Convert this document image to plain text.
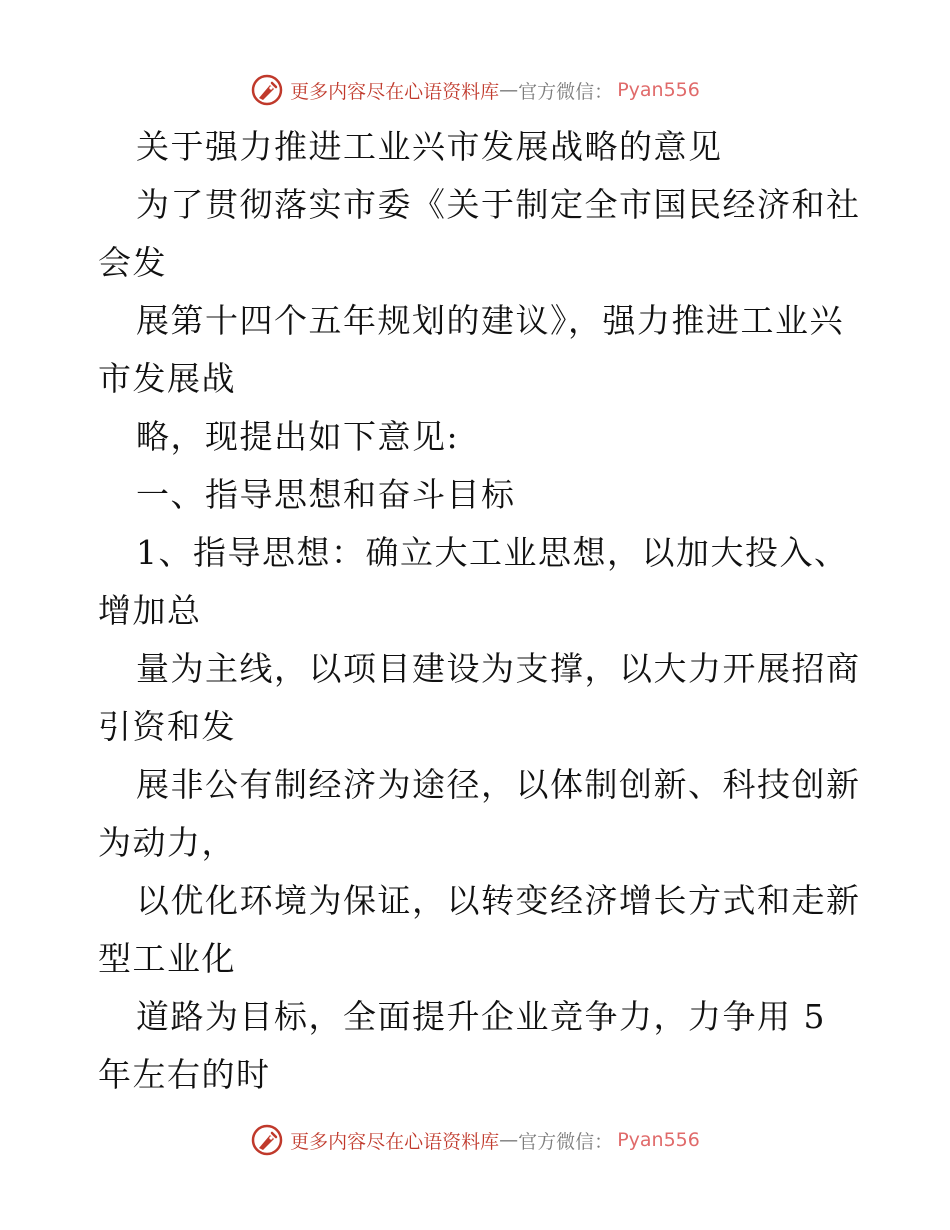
更多内容尽在心语资料库 — 官方微信： Pyan556
关于强力推进工业兴市发展战略的意见
为了贯彻落实市委《关于制定全市国民经济和社
会发
展第十四个五年规划的建议》，强力推进工业兴
市发展战
略，现提出如下意见:
一、指导思想和奋斗目标
1、指导思想：确立大工业思想，以加大投入、
增加总
量为主线，以项目建设为支撑，以大力开展招商
引资和发
展非公有制经济为途径，以体制创新、科技创新
为动力，
以优化环境为保证，以转变经济增长方式和走新
型工业化
道路为目标，全面提升企业竞争力，力争用 5
年左右的时
更多内容尽在心语资料库 — 官方微信： Pyan556
